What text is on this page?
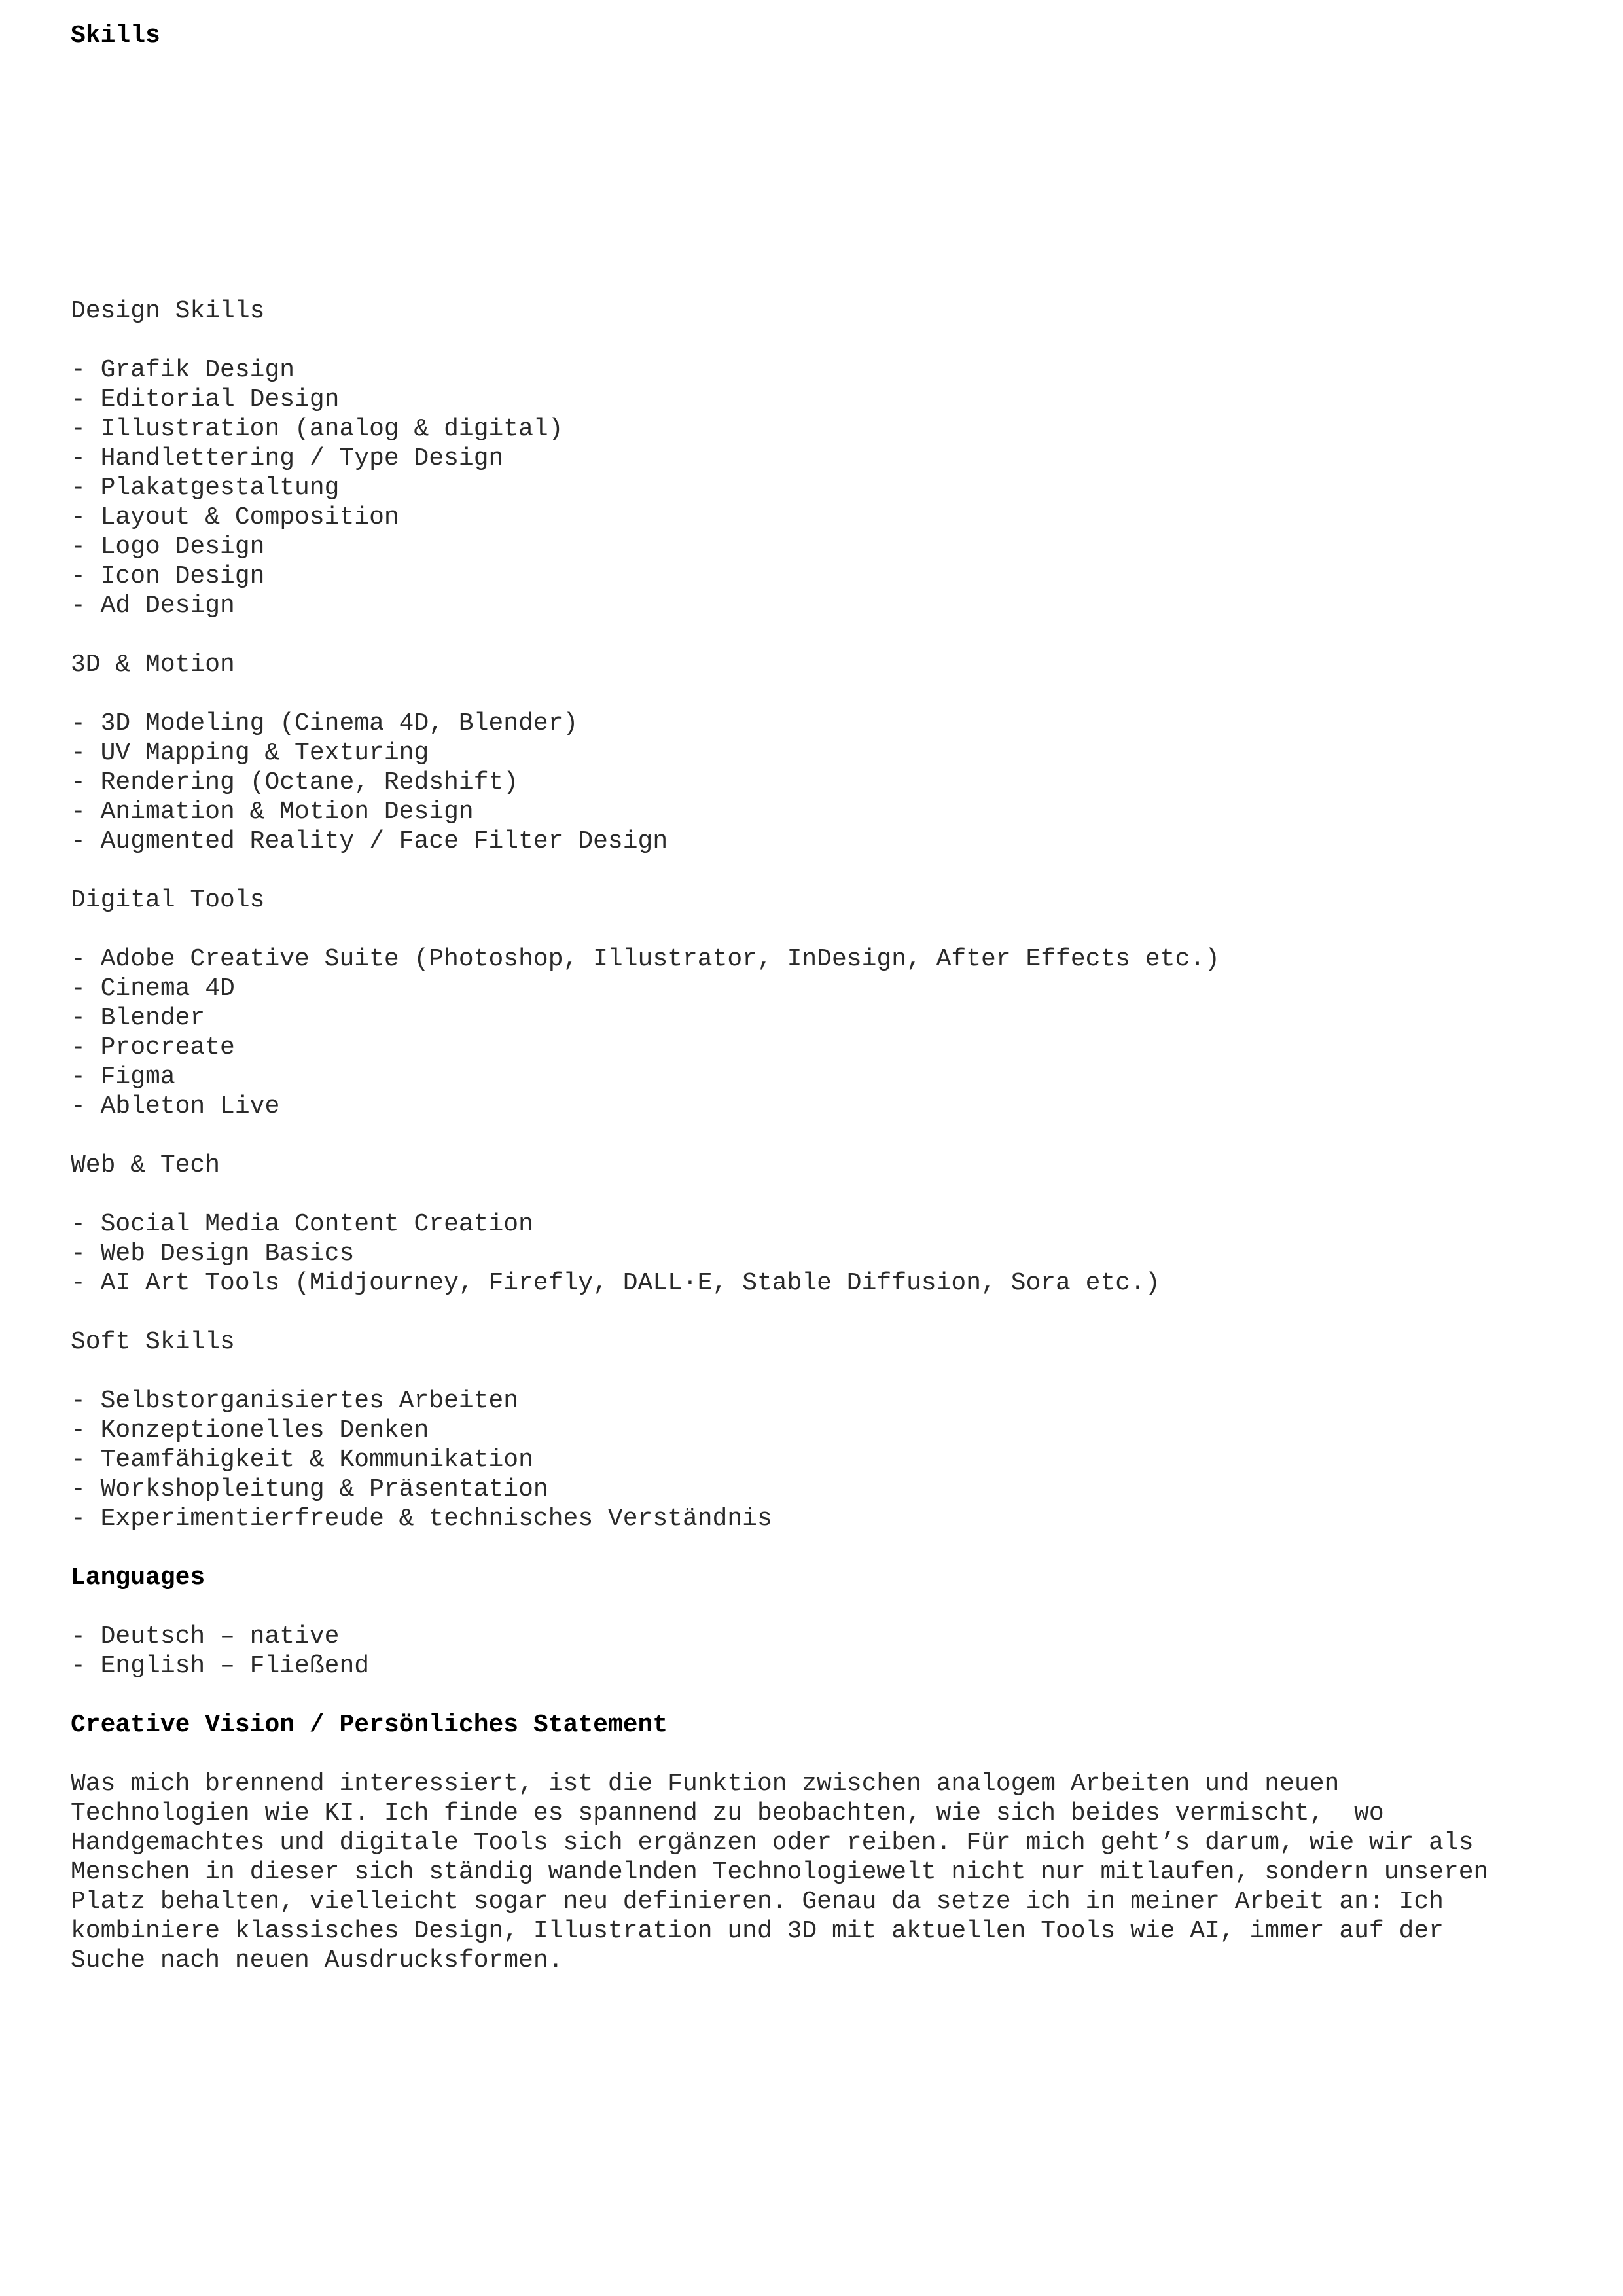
Skills
Design Skills
- Grafik Design
- Editorial Design
- Illustration (analog & digital)
- Handlettering / Type Design
- Plakatgestaltung
- Layout & Composition
- Logo Design
- Icon Design
- Ad Design
3D & Motion
- 3D Modeling (Cinema 4D, Blender)
- UV Mapping & Texturing
- Rendering (Octane, Redshift)
- Animation & Motion Design
- Augmented Reality / Face Filter Design
Digital Tools
- Adobe Creative Suite (Photoshop, Illustrator, InDesign, After Effects etc.)
- Cinema 4D
- Blender
- Procreate
- Figma
- Ableton Live
Web & Tech
- Social Media Content Creation
- Web Design Basics
- AI Art Tools (Midjourney, Firefly, DALL·E, Stable Diffusion, Sora etc.)
Soft Skills
- Selbstorganisiertes Arbeiten
- Konzeptionelles Denken
- Teamfähigkeit & Kommunikation
- Workshopleitung & Präsentation
- Experimentierfreude & technisches Verständnis
Languages
- Deutsch – native
- English – Fließend
Creative Vision / Persönliches Statement
Was mich brennend interessiert, ist die Funktion zwischen analogem Arbeiten und neuen
Technologien wie KI. Ich finde es spannend zu beobachten, wie sich beides vermischt,  wo
Handgemachtes und digitale Tools sich ergänzen oder reiben. Für mich geht’s darum, wie wir als
Menschen in dieser sich ständig wandelnden Technologiewelt nicht nur mitlaufen, sondern unseren
Platz behalten, vielleicht sogar neu definieren. Genau da setze ich in meiner Arbeit an: Ich
kombiniere klassisches Design, Illustration und 3D mit aktuellen Tools wie AI, immer auf der
Suche nach neuen Ausdrucksformen.
